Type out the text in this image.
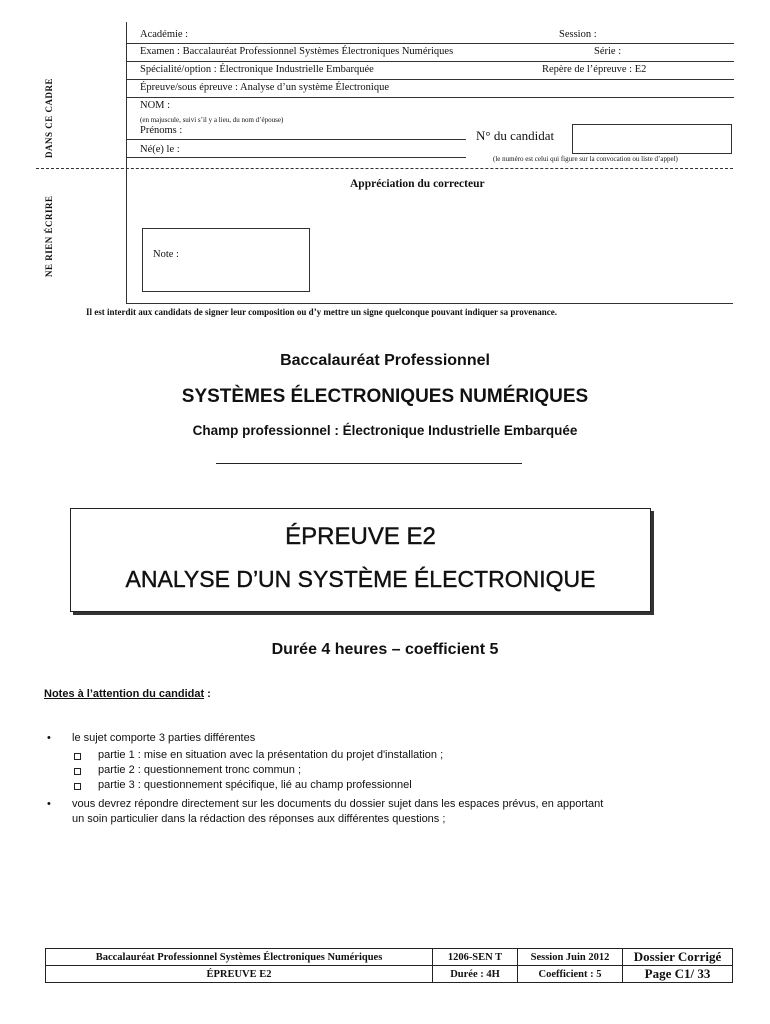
DANS CE CADRE
NE RIEN ÉCRIRE
Académie :	Session :
Examen : Baccalauréat Professionnel Systèmes Électroniques Numériques	Série :
Spécialité/option : Électronique Industrielle Embarquée	Repère de l’épreuve : E2
Épreuve/sous épreuve : Analyse d’un système Électronique
NOM :
(en majuscule, suivi s’il y a lieu, du nom d’épouse)
Prénoms :
Né(e) le :
N° du candidat
(le numéro est celui qui figure sur la convocation ou liste d’appel)
Appréciation du correcteur
Note :
Il est interdit aux candidats de signer leur composition ou d’y mettre un signe quelconque pouvant indiquer sa provenance.
Baccalauréat Professionnel
SYSTÈMES ÉLECTRONIQUES NUMÉRIQUES
Champ professionnel : Électronique Industrielle Embarquée
ÉPREUVE E2
ANALYSE D’UN SYSTÈME ÉLECTRONIQUE
Durée 4 heures – coefficient 5
Notes à l’attention du candidat :
• le sujet comporte 3 parties différentes
partie 1 : mise en situation avec la présentation du projet d'installation ;
partie 2 : questionnement tronc commun ;
partie 3 : questionnement spécifique, lié au champ professionnel
• vous devrez répondre directement sur les documents du dossier sujet dans les espaces prévus, en apportant
un soin particulier dans la rédaction des réponses aux différentes questions ;
Baccalauréat Professionnel Systèmes Électroniques Numériques	1206-SEN T	Session Juin 2012	Dossier Corrigé
ÉPREUVE E2	Durée : 4H	Coefficient : 5	Page C1/ 33
